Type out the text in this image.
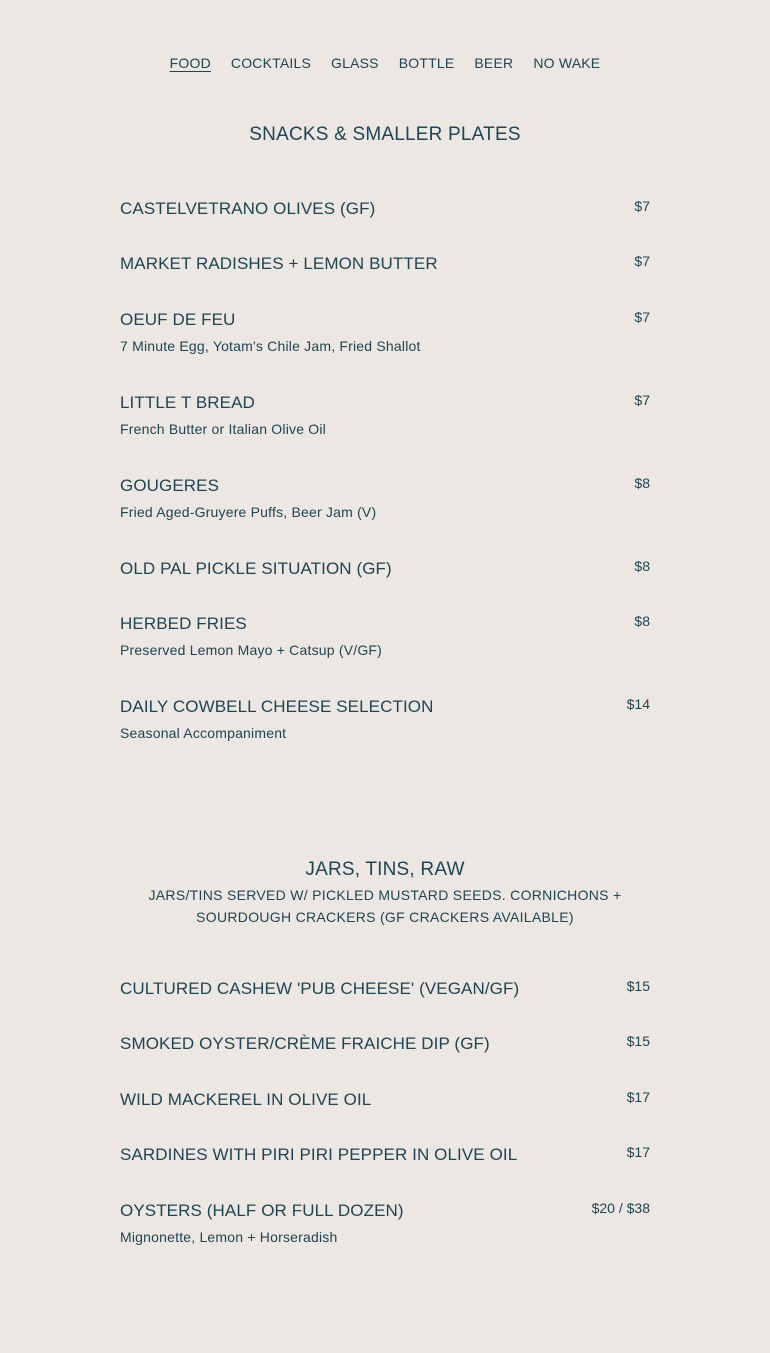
FOOD COCKTAILS GLASS BOTTLE BEER NO WAKE
SNACKS & SMALLER PLATES
CASTELVETRANO OLIVES (GF)	$7
MARKET RADISHES + LEMON BUTTER	$7
OEUF DE FEU	$7
7 Minute Egg, Yotam's Chile Jam, Fried Shallot
LITTLE T BREAD	$7
French Butter or Italian Olive Oil
GOUGERES	$8
Fried Aged-Gruyere Puffs, Beer Jam (V)
OLD PAL PICKLE SITUATION (GF)	$8
HERBED FRIES	$8
Preserved Lemon Mayo + Catsup (V/GF)
DAILY COWBELL CHEESE SELECTION	$14
Seasonal Accompaniment
JARS, TINS, RAW
JARS/TINS SERVED W/ PICKLED MUSTARD SEEDS. CORNICHONS + SOURDOUGH CRACKERS (GF CRACKERS AVAILABLE)
CULTURED CASHEW 'PUB CHEESE' (VEGAN/GF)	$15
SMOKED OYSTER/CRÈME FRAICHE DIP (GF)	$15
WILD MACKEREL IN OLIVE OIL	$17
SARDINES WITH PIRI PIRI PEPPER IN OLIVE OIL	$17
OYSTERS (HALF OR FULL DOZEN)	$20 / $38
Mignonette, Lemon + Horseradish
